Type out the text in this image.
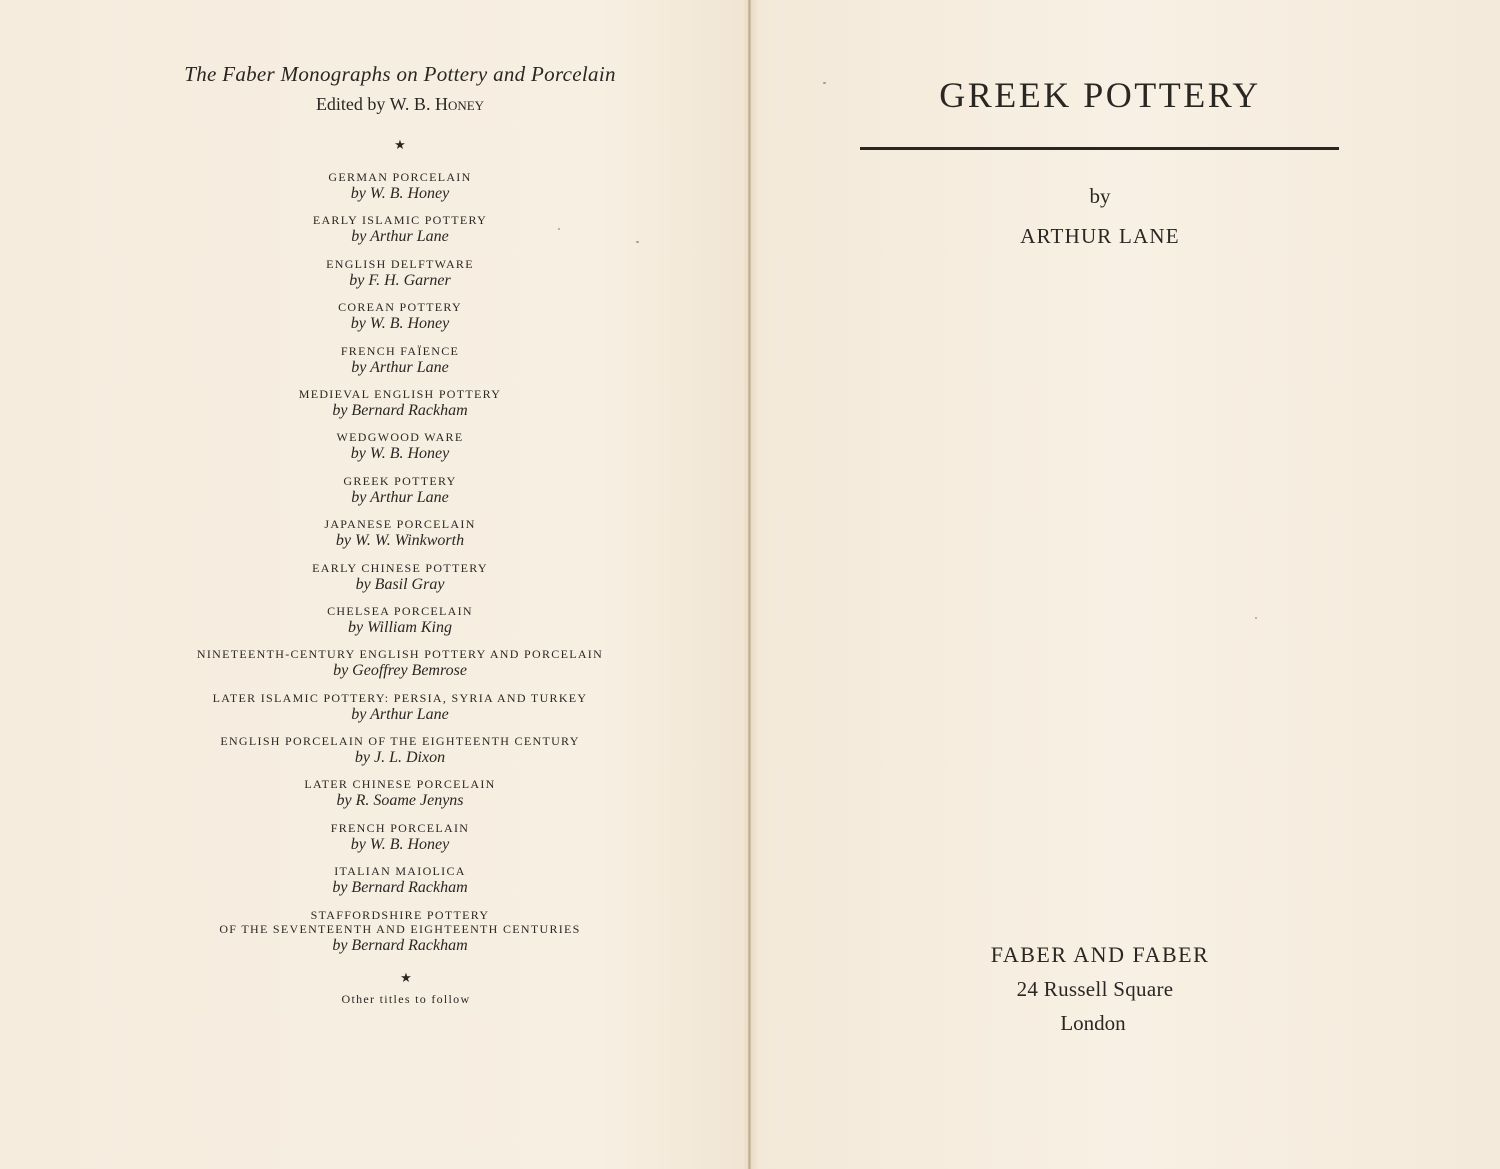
The Faber Monographs on Pottery and Porcelain
Edited by W. B. Honey
★
GERMAN PORCELAIN
by W. B. Honey
EARLY ISLAMIC POTTERY
by Arthur Lane
ENGLISH DELFTWARE
by F. H. Garner
COREAN POTTERY
by W. B. Honey
FRENCH FAÏENCE
by Arthur Lane
MEDIEVAL ENGLISH POTTERY
by Bernard Rackham
WEDGWOOD WARE
by W. B. Honey
GREEK POTTERY
by Arthur Lane
JAPANESE PORCELAIN
by W. W. Winkworth
EARLY CHINESE POTTERY
by Basil Gray
CHELSEA PORCELAIN
by William King
NINETEENTH-CENTURY ENGLISH POTTERY AND PORCELAIN
by Geoffrey Bemrose
LATER ISLAMIC POTTERY: PERSIA, SYRIA AND TURKEY
by Arthur Lane
ENGLISH PORCELAIN OF THE EIGHTEENTH CENTURY
by J. L. Dixon
LATER CHINESE PORCELAIN
by R. Soame Jenyns
FRENCH PORCELAIN
by W. B. Honey
ITALIAN MAIOLICA
by Bernard Rackham
STAFFORDSHIRE POTTERY
OF THE SEVENTEENTH AND EIGHTEENTH CENTURIES
by Bernard Rackham
★
Other titles to follow
GREEK POTTERY
by
ARTHUR LANE
FABER AND FABER
24 Russell Square
London
